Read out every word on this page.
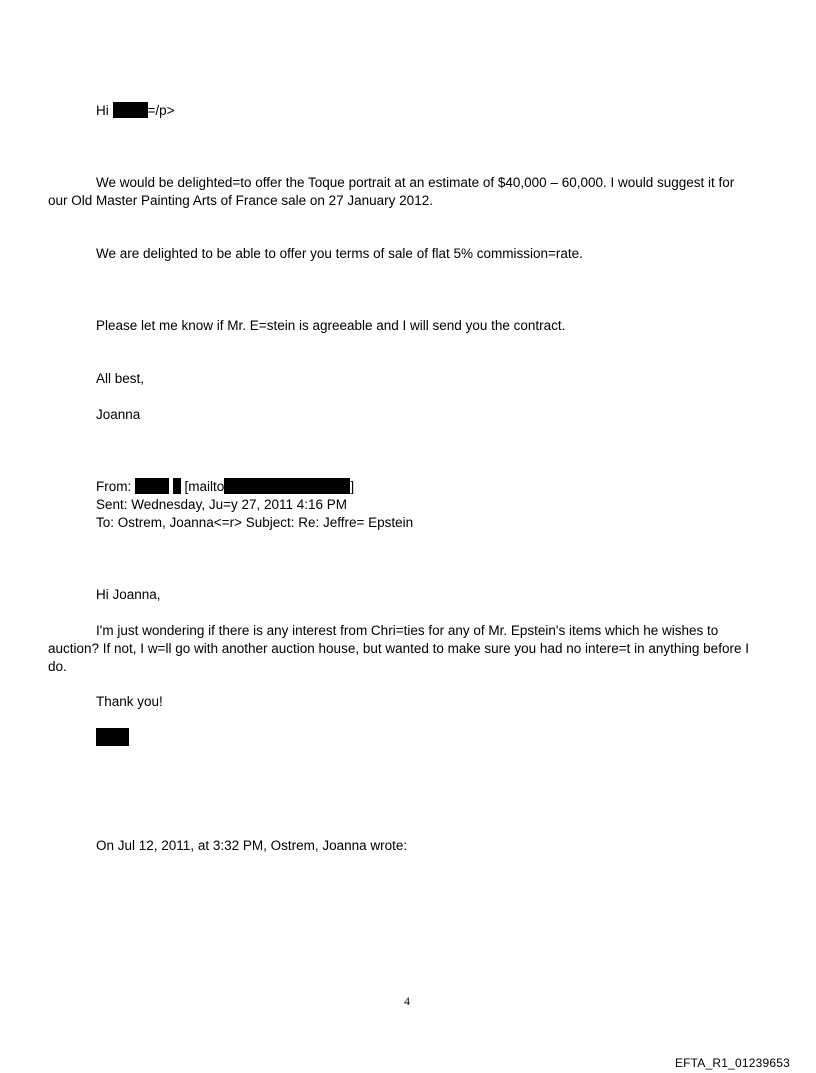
Hi	=/p>
We would be delighted=to offer the Toque portrait at an estimate of $40,000 – 60,000. I would suggest it for
our Old Master Painting Arts of France sale on 27 January 2012.
We are delighted to be able to offer you terms of sale of flat 5% commission=rate.
Please let me know if Mr. E=stein is agreeable and I will send you the contract.
All best,
Joanna
From:	[mailto	]
Sent: Wednesday, Ju=y 27, 2011 4:16 PM
To: Ostrem, Joanna<=r> Subject: Re: Jeffre= Epstein
Hi Joanna,
I'm just wondering if there is any interest from Chri=ties for any of Mr. Epstein's items which he wishes to
auction? If not, I w=ll go with another auction house, but wanted to make sure you had no intere=t in anything before I
do.
Thank you!
On Jul 12, 2011, at 3:32 PM, Ostrem, Joanna wrote:
4
EFTA_R1_01239653
